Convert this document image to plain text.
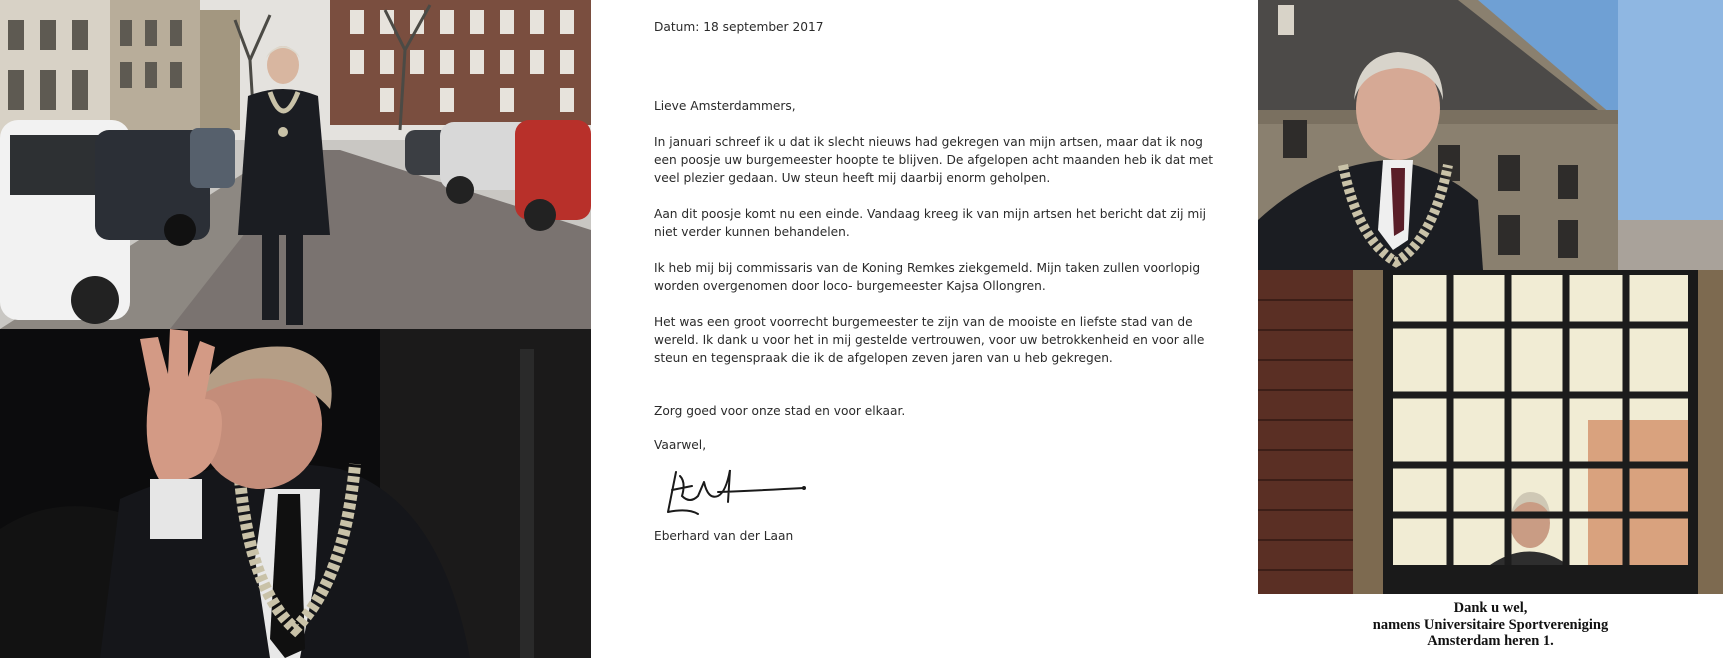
Datum: 18 september 2017
Lieve Amsterdammers,

In januari schreef ik u dat ik slecht nieuws had gekregen van mijn artsen, maar dat ik nog een poosje uw burgemeester hoopte te blijven. De afgelopen acht maanden heb ik dat met veel plezier gedaan. Uw steun heeft mij daarbij enorm geholpen.

Aan dit poosje komt nu een einde. Vandaag kreeg ik van mijn artsen het bericht dat zij mij niet verder kunnen behandelen.

Ik heb mij bij commissaris van de Koning Remkes ziekgemeld. Mijn taken zullen voorlopig worden overgenomen door loco- burgemeester Kajsa Ollongren.

Het was een groot voorrecht burgemeester te zijn van de mooiste en liefste stad van de wereld. Ik dank u voor het in mij gestelde vertrouwen, voor uw betrokkenheid en voor alle steun en tegenspraak die ik de afgelopen zeven jaren van u heb gekregen.

Zorg goed voor onze stad en voor elkaar.
Vaarwel,
Eberhard van der Laan
Dank u wel,
namens Universitaire Sportvereniging
Amsterdam heren 1.
